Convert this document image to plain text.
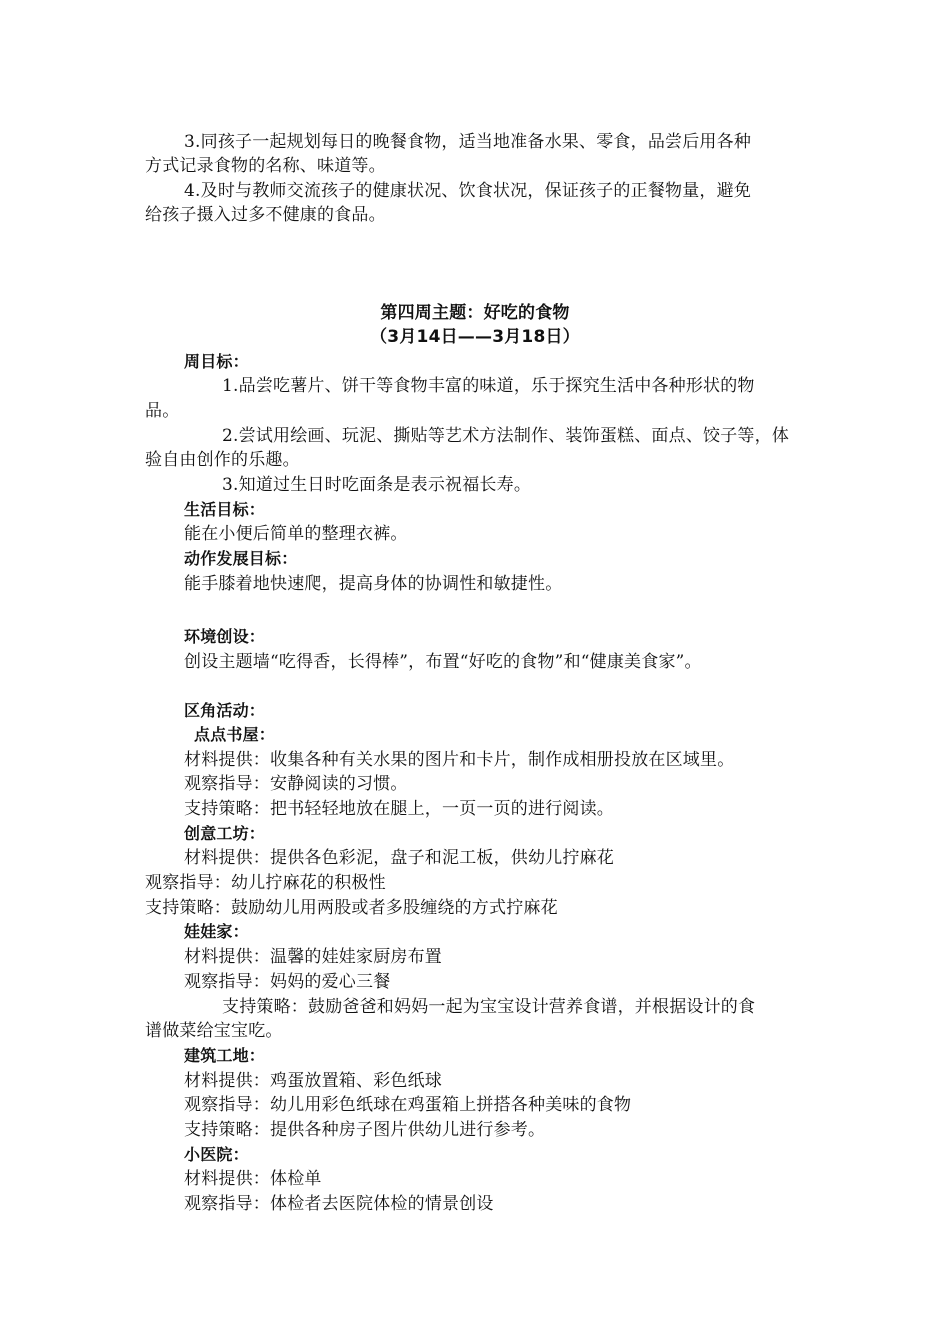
3.同孩子一起规划每日的晚餐食物，适当地准备水果、零食，品尝后用各种
方式记录食物的名称、味道等。
4.及时与教师交流孩子的健康状况、饮食状况，保证孩子的正餐物量，避免
给孩子摄入过多不健康的食品。
第四周主题：好吃的食物
（3月14日——3月18日）
周目标：
1.品尝吃薯片、饼干等食物丰富的味道，乐于探究生活中各种形状的物
品。
2.尝试用绘画、玩泥、撕贴等艺术方法制作、装饰蛋糕、面点、饺子等，体
验自由创作的乐趣。
3.知道过生日时吃面条是表示祝福长寿。
生活目标：
能在小便后简单的整理衣裤。
动作发展目标：
能手膝着地快速爬，提高身体的协调性和敏捷性。
环境创设：
创设主题墙“吃得香，长得棒”，布置“好吃的食物”和“健康美食家”。
区角活动：
点点书屋：
材料提供：收集各种有关水果的图片和卡片，制作成相册投放在区域里。
观察指导：安静阅读的习惯。
支持策略：把书轻轻地放在腿上，一页一页的进行阅读。
创意工坊：
材料提供：提供各色彩泥，盘子和泥工板，供幼儿拧麻花
观察指导：幼儿拧麻花的积极性
支持策略：鼓励幼儿用两股或者多股缠绕的方式拧麻花
娃娃家：
材料提供：温馨的娃娃家厨房布置
观察指导：妈妈的爱心三餐
支持策略：鼓励爸爸和妈妈一起为宝宝设计营养食谱，并根据设计的食
谱做菜给宝宝吃。
建筑工地：
材料提供：鸡蛋放置箱、彩色纸球
观察指导：幼儿用彩色纸球在鸡蛋箱上拼搭各种美味的食物
支持策略：提供各种房子图片供幼儿进行参考。
小医院：
材料提供：体检单
观察指导：体检者去医院体检的情景创设
